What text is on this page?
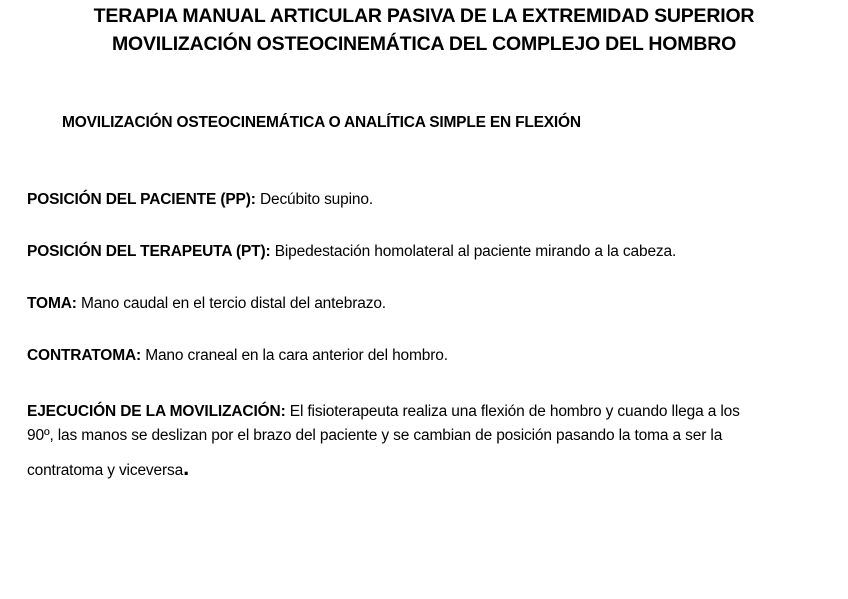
TERAPIA MANUAL ARTICULAR PASIVA DE LA EXTREMIDAD SUPERIOR
MOVILIZACIÓN OSTEOCINEMÁTICA DEL COMPLEJO DEL HOMBRO
MOVILIZACIÓN OSTEOCINEMÁTICA O ANALÍTICA SIMPLE EN FLEXIÓN
POSICIÓN DEL PACIENTE (PP): Decúbito supino.
POSICIÓN DEL TERAPEUTA (PT): Bipedestación homolateral al paciente mirando a la cabeza.
TOMA: Mano caudal en el tercio distal del antebrazo.
CONTRATOMA: Mano craneal en la cara anterior del hombro.
EJECUCIÓN DE LA MOVILIZACIÓN: El fisioterapeuta realiza una flexión de hombro y cuando llega a los
90º, las manos se deslizan por el brazo del paciente y se cambian de posición pasando la toma a ser la
contratoma y viceversa.
